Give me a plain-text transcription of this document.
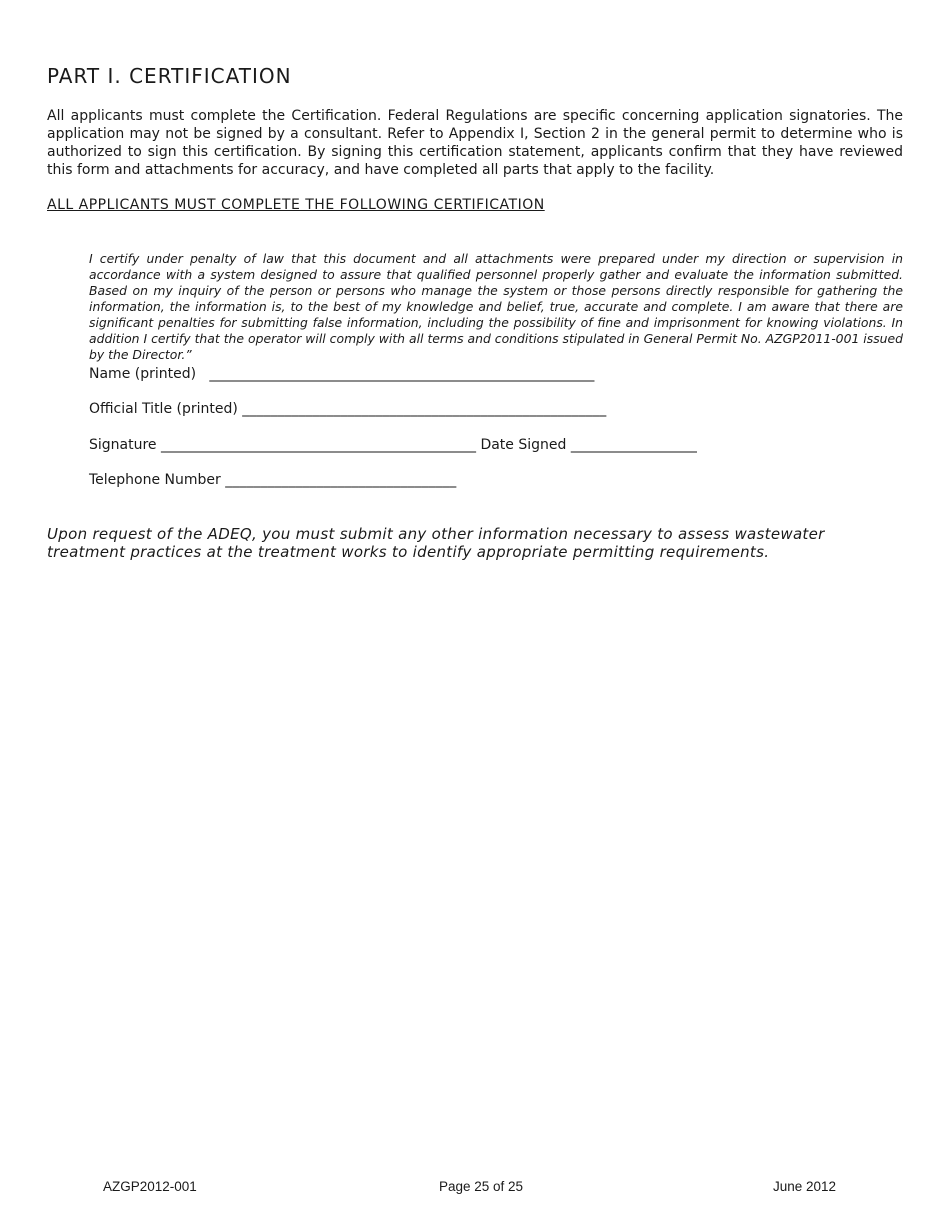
PART I. CERTIFICATION

All applicants must complete the Certification. Federal Regulations are specific concerning application signatories. The application may not be signed by a consultant. Refer to Appendix I, Section 2 in the general permit to determine who is authorized to sign this certification. By signing this certification statement, applicants confirm that they have reviewed this form and attachments for accuracy, and have completed all parts that apply to the facility.

ALL APPLICANTS MUST COMPLETE THE FOLLOWING CERTIFICATION

I certify under penalty of law that this document and all attachments were prepared under my direction or supervision in accordance with a system designed to assure that qualified personnel properly gather and evaluate the information submitted. Based on my inquiry of the person or persons who manage the system or those persons directly responsible for gathering the information, the information is, to the best of my knowledge and belief, true, accurate and complete. I am aware that there are significant penalties for submitting false information, including the possibility of fine and imprisonment for knowing violations. In addition I certify that the operator will comply with all terms and conditions stipulated in General Permit No. AZGP2011-001 issued by the Director.”

Name (printed)   _______________________________________________________
Official Title (printed) ____________________________________________________
Signature _____________________________________________ Date Signed __________________
Telephone Number _________________________________

Upon request of the ADEQ, you must submit any other information necessary to assess wastewater treatment practices at the treatment works to identify appropriate permitting requirements.

AZGP2012-001	Page 25 of 25	June 2012
